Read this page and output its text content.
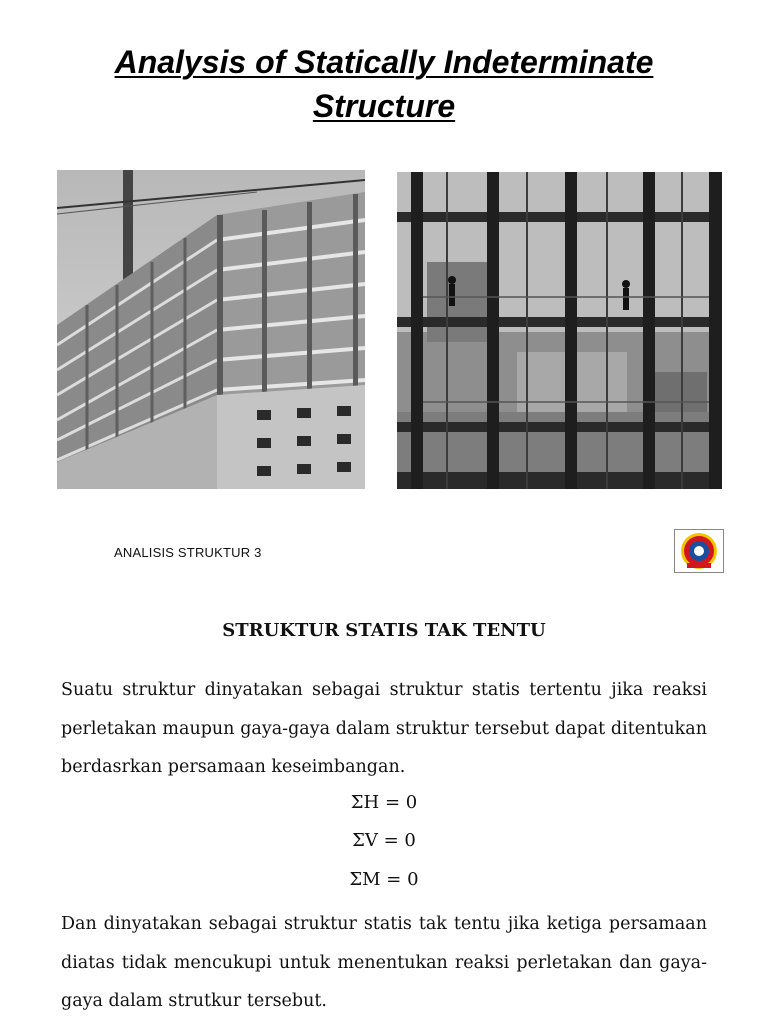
Analysis of Statically Indeterminate
Structure
ANALISIS STRUKTUR 3
STRUKTUR STATIS TAK TENTU
Suatu struktur dinyatakan sebagai struktur statis tertentu jika reaksi perletakan maupun gaya-gaya dalam struktur tersebut dapat ditentukan berdasrkan persamaan keseimbangan.
ΣH = 0
ΣV = 0
ΣM = 0
Dan dinyatakan sebagai struktur statis tak tentu jika ketiga persamaan diatas tidak mencukupi untuk menentukan reaksi perletakan dan gaya-gaya dalam strutkur tersebut.
